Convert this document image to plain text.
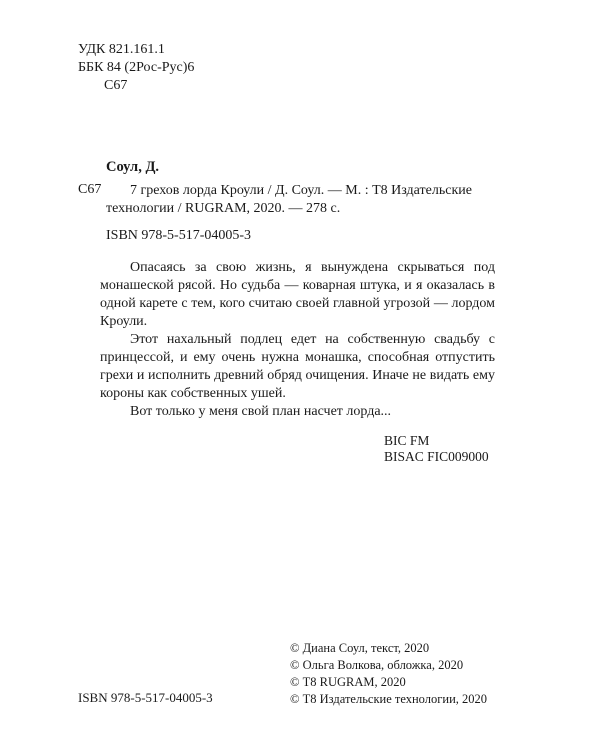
УДК 821.161.1
ББК 84 (2Рос-Рус)6
С67
Соул, Д.
С67 7 грехов лорда Кроули / Д. Соул. — М. : Т8 Издательские
технологии / RUGRAM, 2020. — 278 с.
ISBN 978-5-517-04005-3

Опасаясь за свою жизнь, я вынуждена скрываться под монашеской рясой. Но судьба — коварная штука, и я оказалась в одной карете с тем, кого считаю своей главной угрозой — лордом Кроули.

Этот нахальный подлец едет на собственную свадьбу с принцессой, и ему очень нужна монашка, способная отпустить грехи и исполнить древний обряд очищения. Иначе не видать ему короны как собственных ушей.

Вот только у меня свой план насчет лорда...

BIC FM
BISAC FIC009000
ISBN 978-5-517-04005-3
© Диана Соул, текст, 2020
© Ольга Волкова, обложка, 2020
© Т8 RUGRAM, 2020
© Т8 Издательские технологии, 2020
